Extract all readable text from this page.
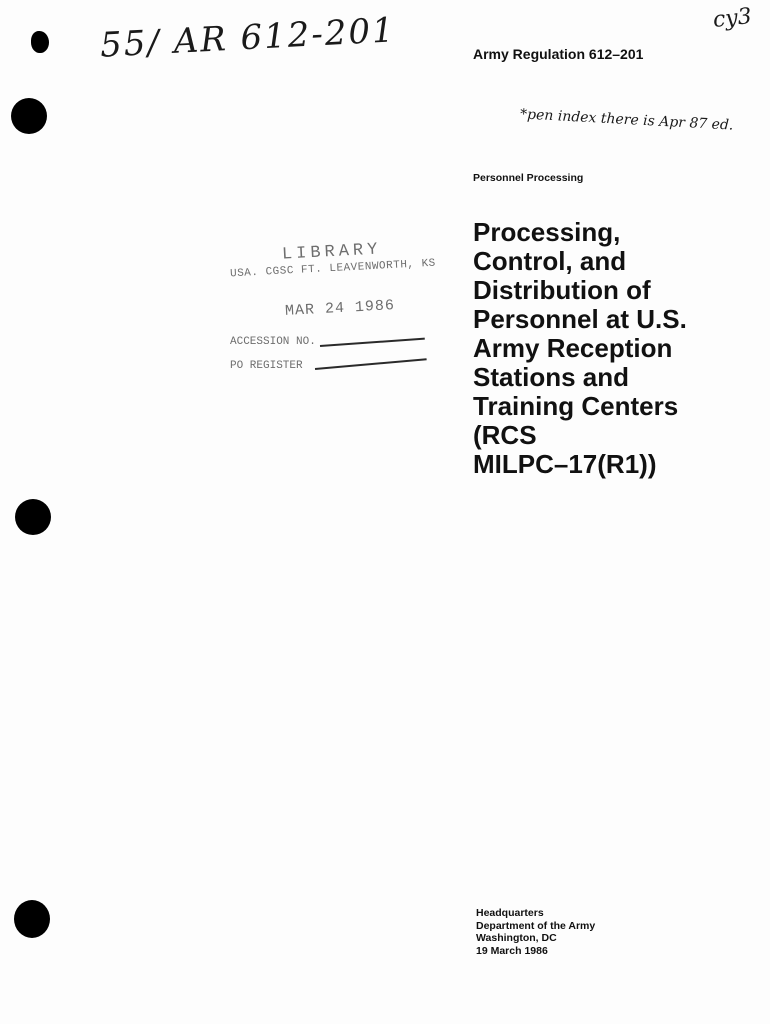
55/ AR 612-201	cy3
*pen index there is Apr 87 ed.
Army Regulation 612–201
Personnel Processing
Processing,
Control, and
Distribution of
Personnel at U.S.
Army Reception
Stations and
Training Centers
(RCS
MILPC–17(R1))
LIBRARY
USA. CGSC FT. LEAVENWORTH, KS
MAR 24 1986
ACCESSION NO.
PO REGISTER
Headquarters
Department of the Army
Washington, DC
19 March 1986
